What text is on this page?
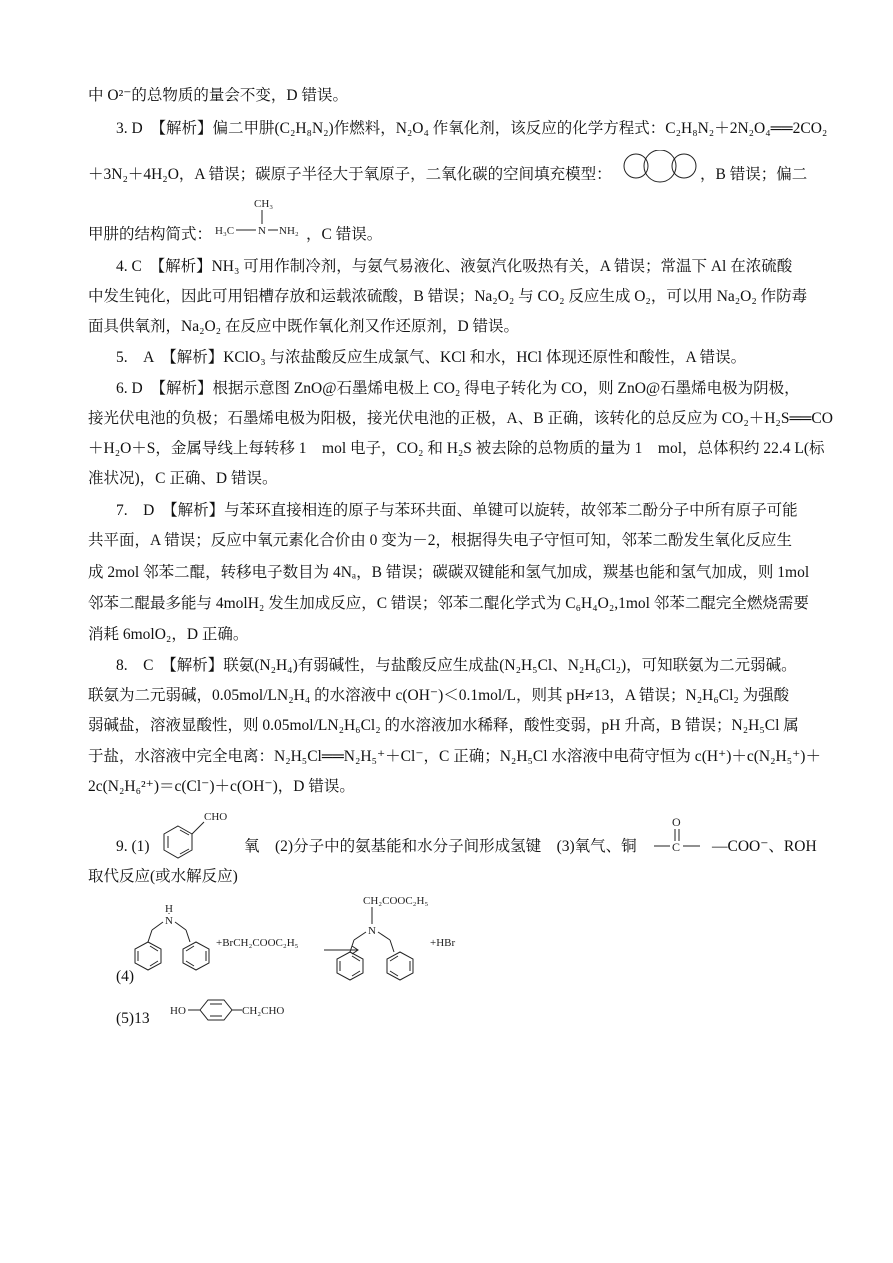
中 O²⁻的总物质的量会不变，D 错误。
3. D　【解析】偏二甲肼(C₂H₈N₂)作燃料，N₂O₄ 作氧化剂，该反应的化学方程式：C₂H₈N₂＋2N₂O₄══2CO₂
＋3N₂＋4H₂O，A 错误；碳原子半径大于氧原子，二氧化碳的空间填充模型：	，B 错误；偏二
甲肼的结构简式：
CH₃
H₃C N NH₂ ，C 错误。
4. C　【解析】NH₃ 可用作制冷剂，与氨气易液化、液氨汽化吸热有关，A 错误；常温下 Al 在浓硫酸
中发生钝化，因此可用铝槽存放和运载浓硫酸，B 错误；Na₂O₂ 与 CO₂ 反应生成 O₂，可以用 Na₂O₂ 作防毒
面具供氧剂，Na₂O₂ 在反应中既作氧化剂又作还原剂，D 错误。
5.　A　【解析】KClO₃ 与浓盐酸反应生成氯气、KCl 和水，HCl 体现还原性和酸性，A 错误。
6. D　【解析】根据示意图 ZnO@石墨烯电极上 CO₂ 得电子转化为 CO，则 ZnO@石墨烯电极为阴极，
接光伏电池的负极；石墨烯电极为阳极，接光伏电池的正极，A、B 正确，该转化的总反应为 CO₂＋H₂S══CO
＋H₂O＋S，金属导线上每转移 1　mol 电子，CO₂ 和 H₂S 被去除的总物质的量为 1　mol，总体积约 22.4 L(标
准状况)，C 正确、D 错误。
7.　D　【解析】与苯环直接相连的原子与苯环共面、单键可以旋转，故邻苯二酚分子中所有原子可能
共平面，A 错误；反应中氧元素化合价由 0 变为－2，根据得失电子守恒可知，邻苯二酚发生氧化反应生
成 2mol 邻苯二醌，转移电子数目为 4Nₐ，B 错误；碳碳双键能和氢气加成，羰基也能和氢气加成，则 1mol
邻苯二醌最多能与 4molH₂ 发生加成反应，C 错误；邻苯二醌化学式为 C₆H₄O₂,1mol 邻苯二醌完全燃烧需要
消耗 6molO₂，D 正确。
8.　C　【解析】联氨(N₂H₄)有弱碱性，与盐酸反应生成盐(N₂H₅Cl、N₂H₆Cl₂)，可知联氨为二元弱碱。
联氨为二元弱碱，0.05mol/LN₂H₄ 的水溶液中 c(OH⁻)＜0.1mol/L，则其 pH≠13，A 错误；N₂H₆Cl₂ 为强酸
弱碱盐，溶液显酸性，则 0.05mol/LN₂H₆Cl₂ 的水溶液加水稀释，酸性变弱，pH 升高，B 错误；N₂H₅Cl 属
于盐，水溶液中完全电离：N₂H₅Cl══N₂H₅⁺＋Cl⁻，C 正确；N₂H₅Cl 水溶液中电荷守恒为 c(H⁺)＋c(N₂H₅⁺)＋
2c(N₂H₆²⁺)＝c(Cl⁻)＋c(OH⁻)，D 错误。
9. (1)
CHO
氧　(2)分子中的氨基能和水分子间形成氢键　(3)氧气、铜
O
C —COO⁻、ROH
取代反应(或水解反应)
H
N
+BrCH₂COOC₂H₅
CH₂COOC₂H₅
N
+HBr
(4)
(5)13 HO	CH₂CHO
